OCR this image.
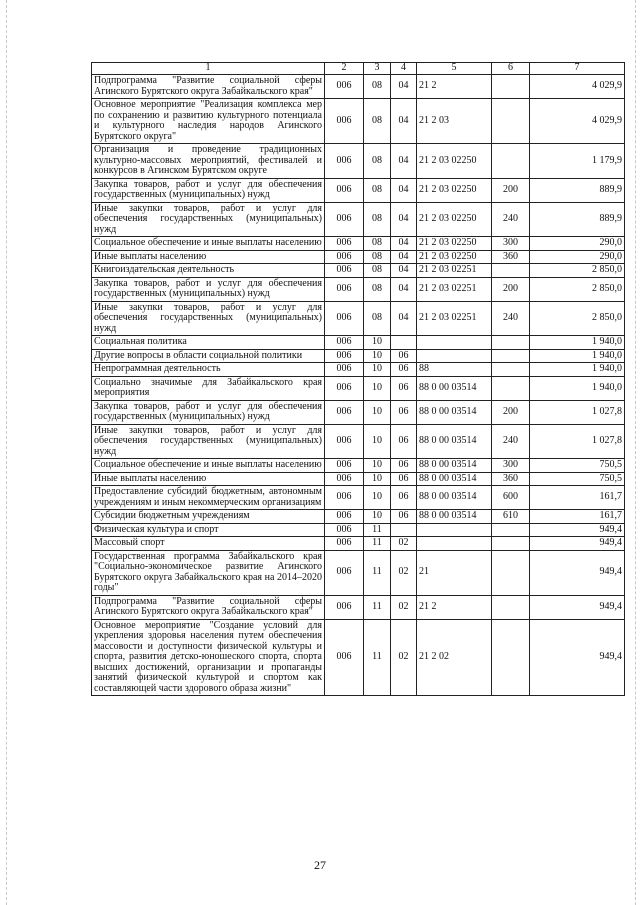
1	2	3	4	5	6	7
Подпрограмма "Развитие социальной сферы Агинского Бурятского округа Забайкальского края"	006	08	04	21 2		4 029,9
Основное мероприятие "Реализация комплекса мер по сохранению и развитию культурного потенциала и культурного наследия народов Агинского Бурятского округа"	006	08	04	21 2 03		4 029,9
Организация и проведение традиционных культурно-массовых мероприятий, фестивалей и конкурсов в Агинском Бурятском округе	006	08	04	21 2 03 02250		1 179,9
Закупка товаров, работ и услуг для обеспечения государственных (муниципальных) нужд	006	08	04	21 2 03 02250	200	889,9
Иные закупки товаров, работ и услуг для обеспечения государственных (муниципальных) нужд	006	08	04	21 2 03 02250	240	889,9
Социальное обеспечение и иные выплаты населению	006	08	04	21 2 03 02250	300	290,0
Иные выплаты населению	006	08	04	21 2 03 02250	360	290,0
Книгоиздательская деятельность	006	08	04	21 2 03 02251		2 850,0
Закупка товаров, работ и услуг для обеспечения государственных (муниципальных) нужд	006	08	04	21 2 03 02251	200	2 850,0
Иные закупки товаров, работ и услуг для обеспечения государственных (муниципальных) нужд	006	08	04	21 2 03 02251	240	2 850,0
Социальная политика	006	10				1 940,0
Другие вопросы в области социальной политики	006	10	06			1 940,0
Непрограммная деятельность	006	10	06	88		1 940,0
Социально значимые для Забайкальского края мероприятия	006	10	06	88 0 00 03514		1 940,0
Закупка товаров, работ и услуг для обеспечения государственных (муниципальных) нужд	006	10	06	88 0 00 03514	200	1 027,8
Иные закупки товаров, работ и услуг для обеспечения государственных (муниципальных) нужд	006	10	06	88 0 00 03514	240	1 027,8
Социальное обеспечение и иные выплаты населению	006	10	06	88 0 00 03514	300	750,5
Иные выплаты населению	006	10	06	88 0 00 03514	360	750,5
Предоставление субсидий бюджетным, автономным учреждениям и иным некоммерческим организациям	006	10	06	88 0 00 03514	600	161,7
Субсидии бюджетным учреждениям	006	10	06	88 0 00 03514	610	161,7
Физическая культура и спорт	006	11				949,4
Массовый спорт	006	11	02			949,4
Государственная программа Забайкальского края "Социально-экономическое развитие Агинского Бурятского округа Забайкальского края на 2014–2020 годы"	006	11	02	21		949,4
Подпрограмма "Развитие социальной сферы Агинского Бурятского округа Забайкальского края"	006	11	02	21 2		949,4
Основное мероприятие "Создание условий для укрепления здоровья населения путем обеспечения массовости и доступности физической культуры и спорта, развития детско-юношеского спорта, спорта высших достижений, организации и пропаганды занятий физической культурой и спортом как составляющей части здорового образа жизни"	006	11	02	21 2 02		949,4
27
